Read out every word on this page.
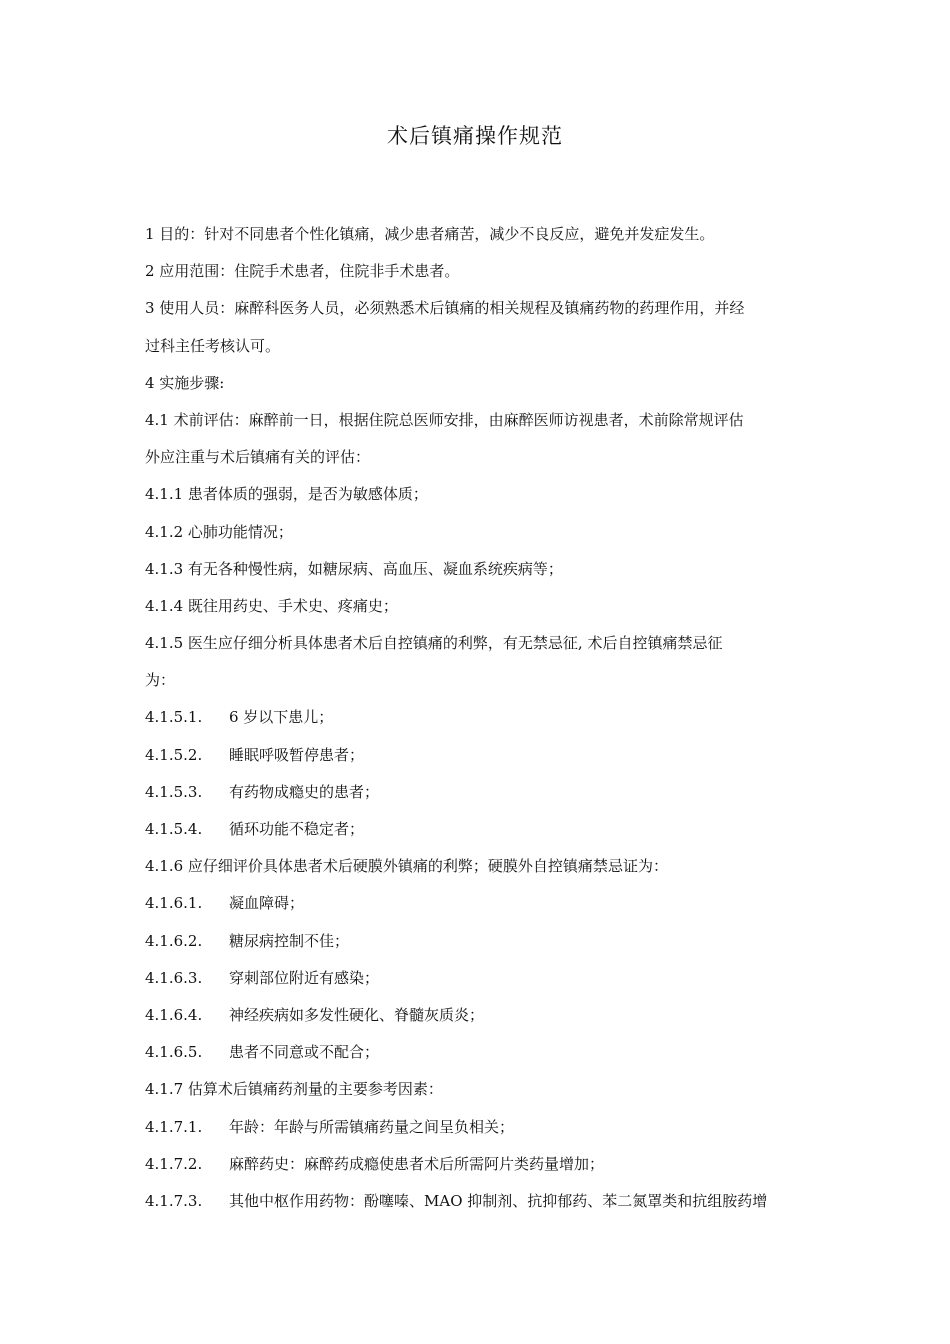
术后镇痛操作规范
1 目的：针对不同患者个性化镇痛，减少患者痛苦，减少不良反应，避免并发症发生。
2 应用范围：住院手术患者，住院非手术患者。
3 使用人员：麻醉科医务人员，必须熟悉术后镇痛的相关规程及镇痛药物的药理作用，并经
过科主任考核认可。
4 实施步骤:
4.1 术前评估：麻醉前一日，根据住院总医师安排，由麻醉医师访视患者，术前除常规评估
外应注重与术后镇痛有关的评估：
4.1.1 患者体质的强弱，是否为敏感体质；
4.1.2 心肺功能情况；
4.1.3 有无各种慢性病，如糖尿病、高血压、凝血系统疾病等；
4.1.4 既往用药史、手术史、疼痛史；
4.1.5 医生应仔细分析具体患者术后自控镇痛的利弊，有无禁忌征, 术后自控镇痛禁忌征
为：
4.1.5.1. 6 岁以下患儿；
4.1.5.2. 睡眠呼吸暂停患者；
4.1.5.3. 有药物成瘾史的患者；
4.1.5.4. 循环功能不稳定者；
4.1.6 应仔细评价具体患者术后硬膜外镇痛的利弊；硬膜外自控镇痛禁忌证为：
4.1.6.1. 凝血障碍；
4.1.6.2. 糖尿病控制不佳；
4.1.6.3. 穿刺部位附近有感染；
4.1.6.4. 神经疾病如多发性硬化、脊髓灰质炎；
4.1.6.5. 患者不同意或不配合；
4.1.7 估算术后镇痛药剂量的主要参考因素：
4.1.7.1. 年龄：年龄与所需镇痛药量之间呈负相关；
4.1.7.2. 麻醉药史：麻醉药成瘾使患者术后所需阿片类药量增加；
4.1.7.3. 其他中枢作用药物：酚噻嗪、MAO 抑制剂、抗抑郁药、苯二氮罩类和抗组胺药增
